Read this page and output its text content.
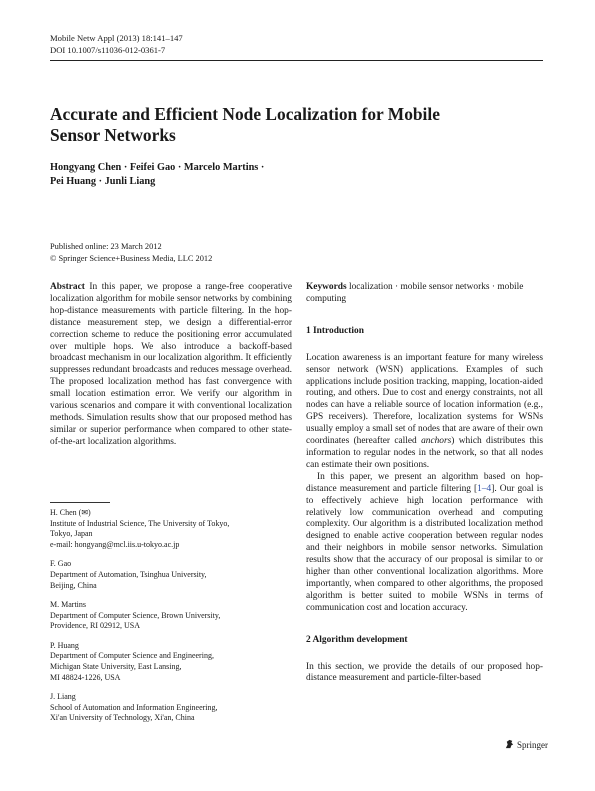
Mobile Netw Appl (2013) 18:141–147
DOI 10.1007/s11036-012-0361-7
Accurate and Efficient Node Localization for Mobile Sensor Networks
Hongyang Chen · Feifei Gao · Marcelo Martins ·
Pei Huang · Junli Liang
Published online: 23 March 2012
© Springer Science+Business Media, LLC 2012

Abstract In this paper, we propose a range-free cooperative localization algorithm for mobile sensor networks by combining hop-distance measurements with particle filtering. In the hop-distance measurement step, we design a differential-error correction scheme to reduce the positioning error accumulated over multiple hops. We also introduce a backoff-based broadcast mechanism in our localization algorithm. It efficiently suppresses redundant broadcasts and reduces message overhead. The proposed localization method has fast convergence with small location estimation error. We verify our algorithm in various scenarios and compare it with conventional localization methods. Simulation results show that our proposed method has similar or superior performance when compared to other state-of-the-art localization algorithms.

H. Chen (✉)
Institute of Industrial Science, The University of Tokyo,
Tokyo, Japan
e-mail: hongyang@mcl.iis.u-tokyo.ac.jp
F. Gao
Department of Automation, Tsinghua University,
Beijing, China
M. Martins
Department of Computer Science, Brown University,
Providence, RI 02912, USA
P. Huang
Department of Computer Science and Engineering,
Michigan State University, East Lansing,
MI 48824-1226, USA
J. Liang
School of Automation and Information Engineering,
Xi'an University of Technology, Xi'an, China

Keywords localization · mobile sensor networks · mobile computing

1 Introduction

Location awareness is an important feature for many wireless sensor network (WSN) applications. Examples of such applications include position tracking, mapping, location-aided routing, and others. Due to cost and energy constraints, not all nodes can have a reliable source of location information (e.g., GPS receivers). Therefore, localization systems for WSNs usually employ a small set of nodes that are aware of their own coordinates (hereafter called anchors) which distributes this information to regular nodes in the network, so that all nodes can estimate their own positions.

In this paper, we present an algorithm based on hop-distance measurement and particle filtering [1–4]. Our goal is to effectively achieve high location performance with relatively low communication overhead and computing complexity. Our algorithm is a distributed localization method designed to enable active cooperation between regular nodes and their neighbors in mobile sensor networks. Simulation results show that the accuracy of our proposal is similar to or higher than other conventional localization algorithms. More importantly, when compared to other algorithms, the proposed algorithm is better suited to mobile WSNs in terms of communication cost and location accuracy.

2 Algorithm development

In this section, we provide the details of our proposed hop-distance measurement and particle-filter-based

Springer
